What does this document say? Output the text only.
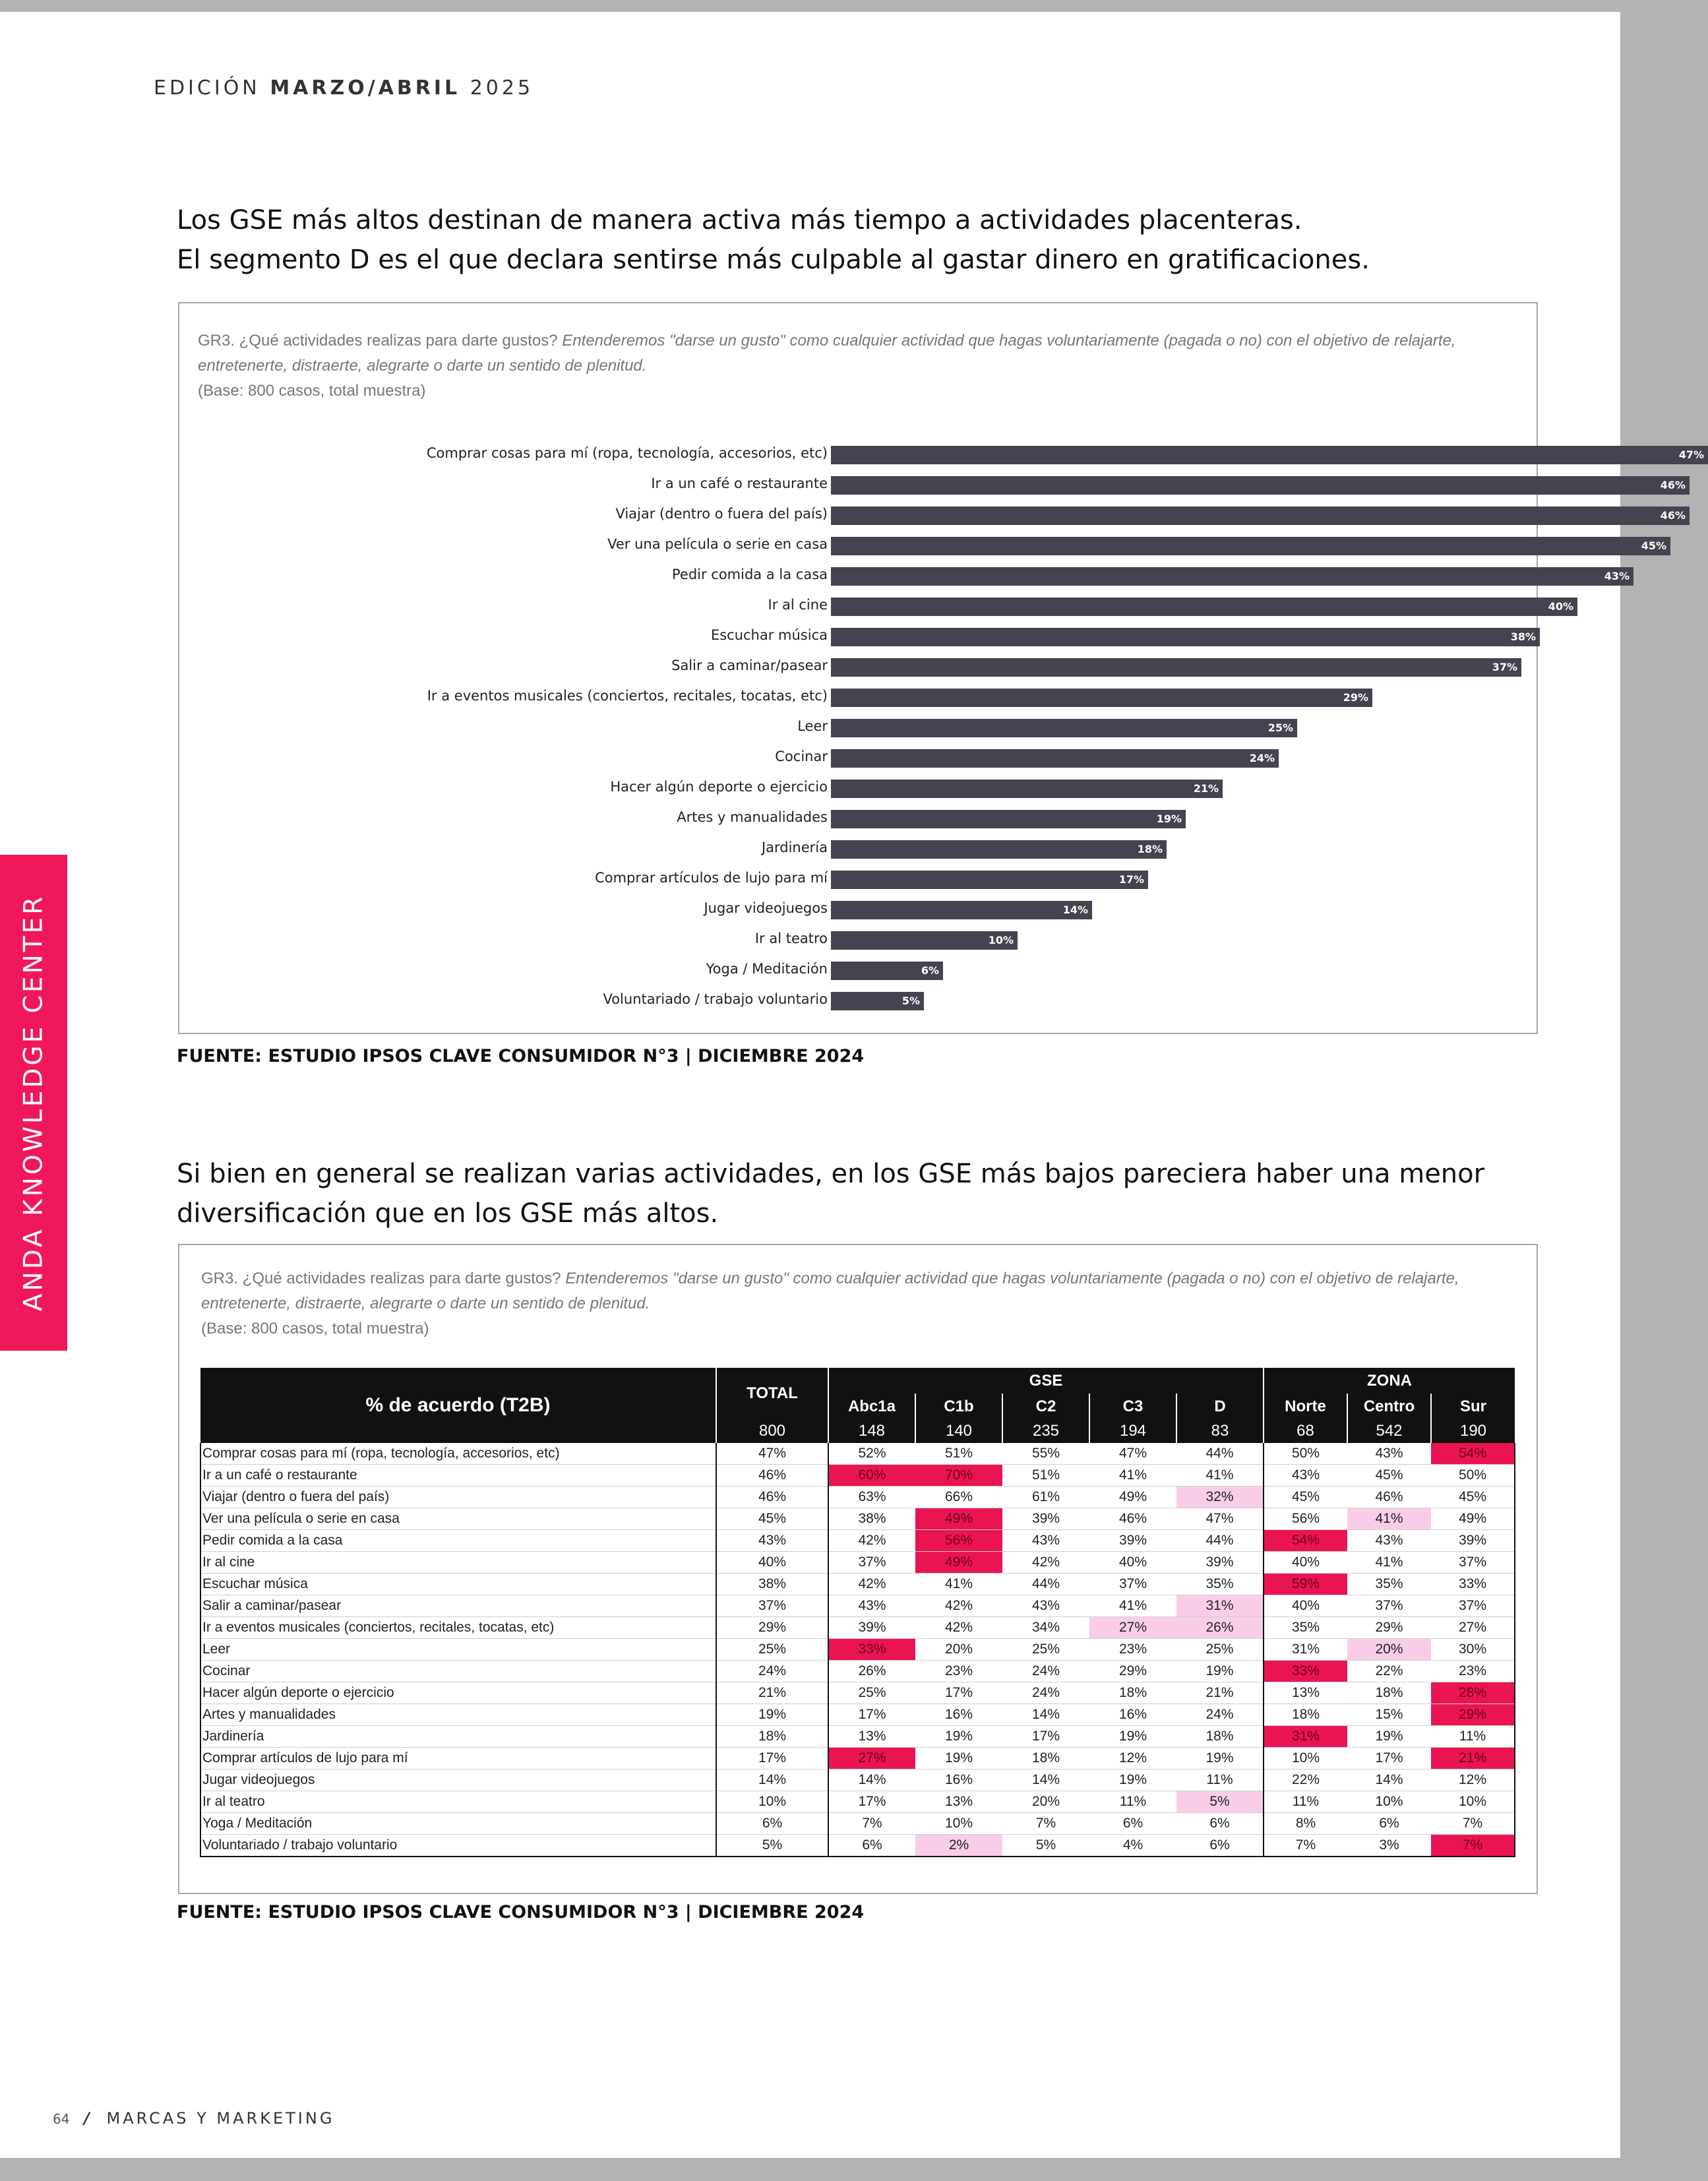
EDICIÓN MARZO/ABRIL 2025
Los GSE más altos destinan de manera activa más tiempo a actividades placenteras.
El segmento D es el que declara sentirse más culpable al gastar dinero en gratificaciones.
GR3. ¿Qué actividades realizas para darte gustos? Entenderemos "darse un gusto" como cualquier actividad que hagas voluntariamente (pagada o no) con el objetivo de relajarte, entretenerte, distraerte, alegrarte o darte un sentido de plenitud.
(Base: 800 casos, total muestra)
Comprar cosas para mí (ropa, tecnología, accesorios, etc)	47%
Ir a un café o restaurante	46%
Viajar (dentro o fuera del país)	46%
Ver una película o serie en casa	45%
Pedir comida a la casa	43%
Ir al cine	40%
Escuchar música	38%
Salir a caminar/pasear	37%
Ir a eventos musicales (conciertos, recitales, tocatas, etc)	29%
Leer	25%
Cocinar	24%
Hacer algún deporte o ejercicio	21%
Artes y manualidades	19%
Jardinería	18%
Comprar artículos de lujo para mí	17%
Jugar videojuegos	14%
Ir al teatro	10%
Yoga / Meditación	6%
Voluntariado / trabajo voluntario	5%
FUENTE: ESTUDIO IPSOS CLAVE CONSUMIDOR N°3 | DICIEMBRE 2024
Si bien en general se realizan varias actividades, en los GSE más bajos pareciera haber una menor
diversificación que en los GSE más altos.
GR3. ¿Qué actividades realizas para darte gustos? Entenderemos "darse un gusto" como cualquier actividad que hagas voluntariamente (pagada o no) con el objetivo de relajarte, entretenerte, distraerte, alegrarte o darte un sentido de plenitud.
(Base: 800 casos, total muestra)
% de acuerdo (T2B)	TOTAL	GSE					ZONA		
		Abc1a	C1b	C2	C3	D	Norte	Centro	Sur
	800	148	140	235	194	83	68	542	190
Comprar cosas para mí (ropa, tecnología, accesorios, etc)	47%	52%	51%	55%	47%	44%	50%	43%	54%
Ir a un café o restaurante	46%	60%	70%	51%	41%	41%	43%	45%	50%
Viajar (dentro o fuera del país)	46%	63%	66%	61%	49%	32%	45%	46%	45%
Ver una película o serie en casa	45%	38%	49%	39%	46%	47%	56%	41%	49%
Pedir comida a la casa	43%	42%	56%	43%	39%	44%	54%	43%	39%
Ir al cine	40%	37%	49%	42%	40%	39%	40%	41%	37%
Escuchar música	38%	42%	41%	44%	37%	35%	59%	35%	33%
Salir a caminar/pasear	37%	43%	42%	43%	41%	31%	40%	37%	37%
Ir a eventos musicales (conciertos, recitales, tocatas, etc)	29%	39%	42%	34%	27%	26%	35%	29%	27%
Leer	25%	33%	20%	25%	23%	25%	31%	20%	30%
Cocinar	24%	26%	23%	24%	29%	19%	33%	22%	23%
Hacer algún deporte o ejercicio	21%	25%	17%	24%	18%	21%	13%	18%	28%
Artes y manualidades	19%	17%	16%	14%	16%	24%	18%	15%	29%
Jardinería	18%	13%	19%	17%	19%	18%	31%	19%	11%
Comprar artículos de lujo para mí	17%	27%	19%	18%	12%	19%	10%	17%	21%
Jugar videojuegos	14%	14%	16%	14%	19%	11%	22%	14%	12%
Ir al teatro	10%	17%	13%	20%	11%	5%	11%	10%	10%
Yoga / Meditación	6%	7%	10%	7%	6%	6%	8%	6%	7%
Voluntariado / trabajo voluntario	5%	6%	2%	5%	4%	6%	7%	3%	7%
FUENTE: ESTUDIO IPSOS CLAVE CONSUMIDOR N°3 | DICIEMBRE 2024
ANDA KNOWLEDGE CENTER
64 / MARCAS Y MARKETING
